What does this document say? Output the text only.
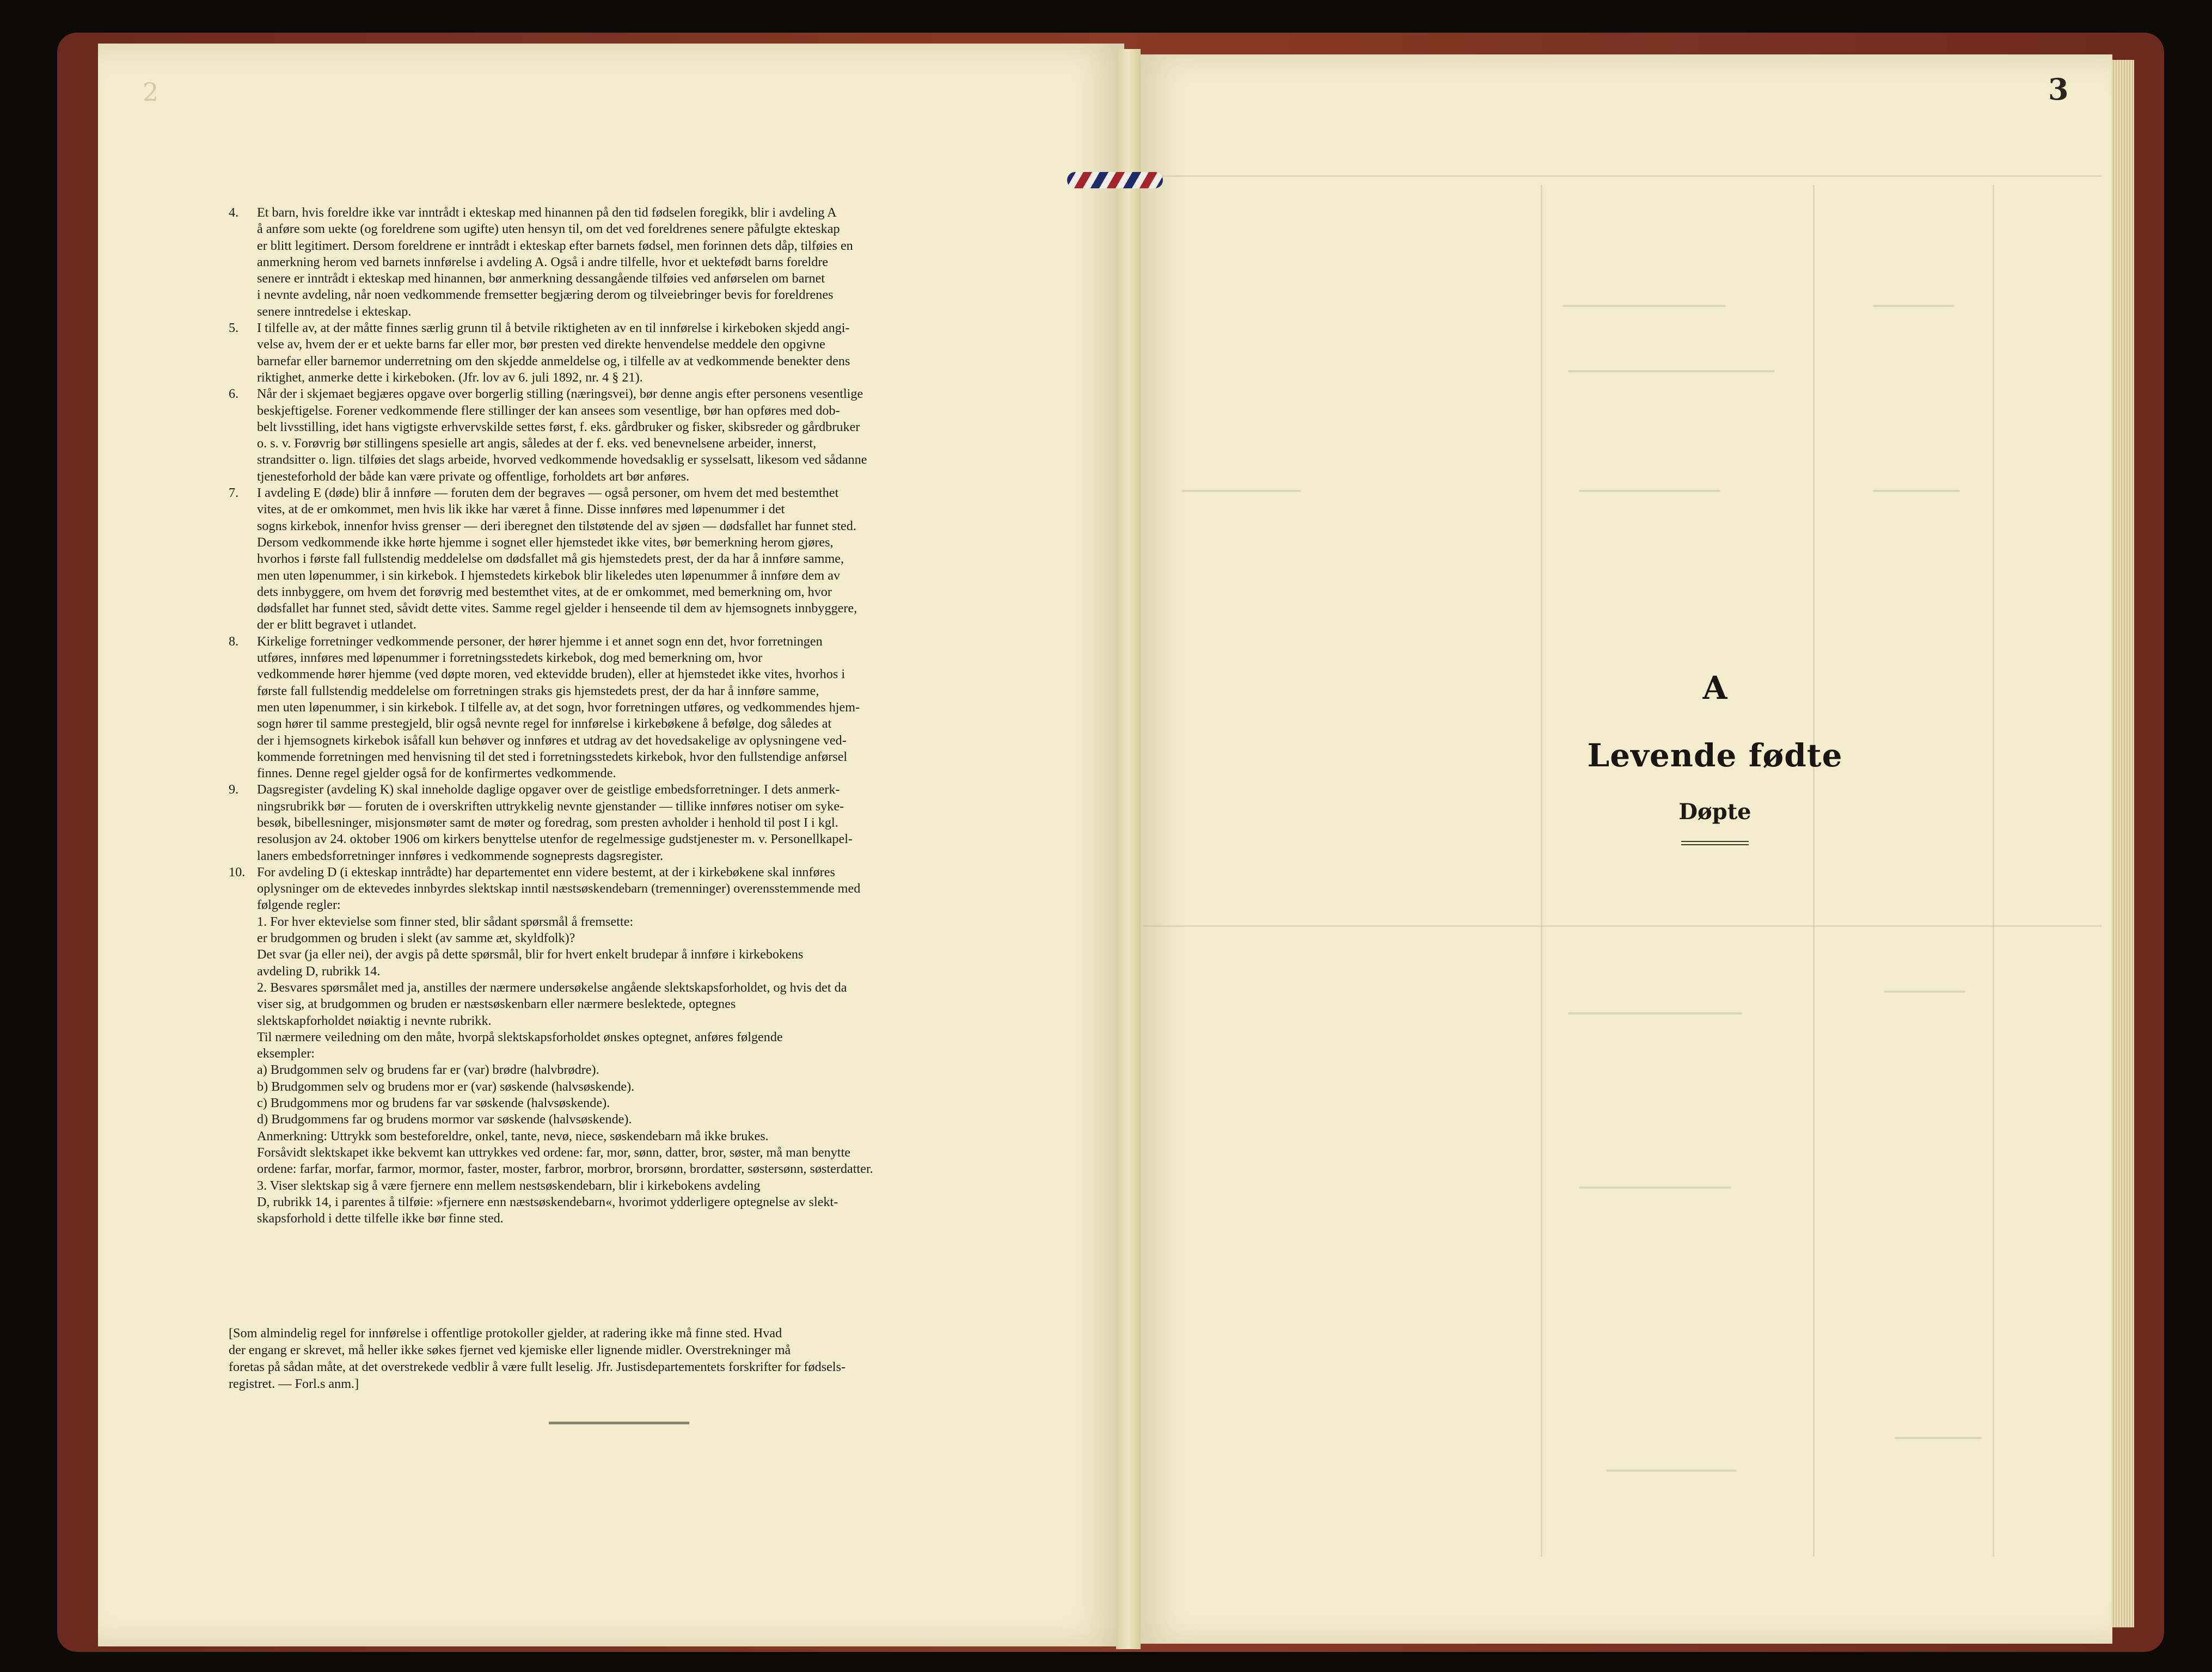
2	3
4. Et barn, hvis foreldre ikke var inntrådt i ekteskap med hinannen på den tid fødselen foregikk, blir i avdeling A
å anføre som uekte (og foreldrene som ugifte) uten hensyn til, om det ved foreldrenes senere påfulgte ekteskap
er blitt legitimert. Dersom foreldrene er inntrådt i ekteskap efter barnets fødsel, men forinnen dets dåp, tilføies en
anmerkning herom ved barnets innførelse i avdeling A. Også i andre tilfelle, hvor et uektefødt barns foreldre
senere er inntrådt i ekteskap med hinannen, bør anmerkning dessangående tilføies ved anførselen om barnet
i nevnte avdeling, når noen vedkommende fremsetter begjæring derom og tilveiebringer bevis for foreldrenes
senere inntredelse i ekteskap.
5. I tilfelle av, at der måtte finnes særlig grunn til å betvile riktigheten av en til innførelse i kirkeboken skjedd angi-
velse av, hvem der er et uekte barns far eller mor, bør presten ved direkte henvendelse meddele den opgivne
barnefar eller barnemor underretning om den skjedde anmeldelse og, i tilfelle av at vedkommende benekter dens
riktighet, anmerke dette i kirkeboken. (Jfr. lov av 6. juli 1892, nr. 4 § 21).
6. Når der i skjemaet begjæres opgave over borgerlig stilling (næringsvei), bør denne angis efter personens vesentlige
beskjeftigelse. Forener vedkommende flere stillinger der kan ansees som vesentlige, bør han opføres med dob-
belt livsstilling, idet hans vigtigste erhvervskilde settes først, f. eks. gårdbruker og fisker, skibsreder og gårdbruker
o. s. v. Forøvrig bør stillingens spesielle art angis, således at der f. eks. ved benevnelsene arbeider, innerst,
strandsitter o. lign. tilføies det slags arbeide, hvorved vedkommende hovedsaklig er sysselsatt, likesom ved sådanne
tjenesteforhold der både kan være private og offentlige, forholdets art bør anføres.
7. I avdeling E (døde) blir å innføre — foruten dem der begraves — også personer, om hvem det med bestemthet
vites, at de er omkommet, men hvis lik ikke har været å finne. Disse innføres med løpenummer i det
sogns kirkebok, innenfor hviss grenser — deri iberegnet den tilstøtende del av sjøen — dødsfallet har funnet sted.
Dersom vedkommende ikke hørte hjemme i sognet eller hjemstedet ikke vites, bør bemerkning herom gjøres,
hvorhos i første fall fullstendig meddelelse om dødsfallet må gis hjemstedets prest, der da har å innføre samme,
men uten løpenummer, i sin kirkebok. I hjemstedets kirkebok blir likeledes uten løpenummer å innføre dem av
dets innbyggere, om hvem det forøvrig med bestemthet vites, at de er omkommet, med bemerkning om, hvor
dødsfallet har funnet sted, såvidt dette vites. Samme regel gjelder i henseende til dem av hjemsognets innbyggere,
der er blitt begravet i utlandet.
8. Kirkelige forretninger vedkommende personer, der hører hjemme i et annet sogn enn det, hvor forretningen
utføres, innføres med løpenummer i forretningsstedets kirkebok, dog med bemerkning om, hvor
vedkommende hører hjemme (ved døpte moren, ved ektevidde bruden), eller at hjemstedet ikke vites, hvorhos i
første fall fullstendig meddelelse om forretningen straks gis hjemstedets prest, der da har å innføre samme,
men uten løpenummer, i sin kirkebok. I tilfelle av, at det sogn, hvor forretningen utføres, og vedkommendes hjem-
sogn hører til samme prestegjeld, blir også nevnte regel for innførelse i kirkebøkene å befølge, dog således at
der i hjemsognets kirkebok isåfall kun behøver og innføres et utdrag av det hovedsakelige av oplysningene ved-
kommende forretningen med henvisning til det sted i forretningsstedets kirkebok, hvor den fullstendige anførsel
finnes. Denne regel gjelder også for de konfirmertes vedkommende.
9. Dagsregister (avdeling K) skal inneholde daglige opgaver over de geistlige embedsforretninger. I dets anmerk-
ningsrubrikk bør — foruten de i overskriften uttrykkelig nevnte gjenstander — tillike innføres notiser om syke-
besøk, bibellesninger, misjonsmøter samt de møter og foredrag, som presten avholder i henhold til post I i kgl.
resolusjon av 24. oktober 1906 om kirkers benyttelse utenfor de regelmessige gudstjenester m. v. Personellkapel-
laners embedsforretninger innføres i vedkommende sogneprests dagsregister.
10. For avdeling D (i ekteskap inntrådte) har departementet enn videre bestemt, at der i kirkebøkene skal innføres
oplysninger om de ektevedes innbyrdes slektskap inntil næstsøskendebarn (tremenninger) overensstemmende med
følgende regler:
1. For hver ektevielse som finner sted, blir sådant spørsmål å fremsette:
er brudgommen og bruden i slekt (av samme æt, skyldfolk)?
Det svar (ja eller nei), der avgis på dette spørsmål, blir for hvert enkelt brudepar å innføre i kirkebokens
avdeling D, rubrikk 14.
2. Besvares spørsmålet med ja, anstilles der nærmere undersøkelse angående slektskapsforholdet, og hvis det da
viser sig, at brudgommen og bruden er næstsøskenbarn eller nærmere beslektede, optegnes
slektskapforholdet nøiaktig i nevnte rubrikk.
Til nærmere veiledning om den måte, hvorpå slektskapsforholdet ønskes optegnet, anføres følgende
eksempler:
a) Brudgommen selv og brudens far er (var) brødre (halvbrødre).
b) Brudgommen selv og brudens mor er (var) søskende (halvsøskende).
c) Brudgommens mor og brudens far var søskende (halvsøskende).
d) Brudgommens far og brudens mormor var søskende (halvsøskende).
Anmerkning: Uttrykk som besteforeldre, onkel, tante, nevø, niece, søskendebarn må ikke brukes.
Forsåvidt slektskapet ikke bekvemt kan uttrykkes ved ordene: far, mor, sønn, datter, bror, søster, må man benytte
ordene: farfar, morfar, farmor, mormor, faster, moster, farbror, morbror, brorsønn, brordatter, søstersønn, søsterdatter.
3. Viser slektskap sig å være fjernere enn mellem nestsøskendebarn, blir i kirkebokens avdeling
D, rubrikk 14, i parentes å tilføie: »fjernere enn næstsøskendebarn«, hvorimot ydderligere optegnelse av slekt-
skapsforhold i dette tilfelle ikke bør finne sted.
[Som almindelig regel for innførelse i offentlige protokoller gjelder, at radering ikke må finne sted. Hvad
der engang er skrevet, må heller ikke søkes fjernet ved kjemiske eller lignende midler. Overstrekninger må
foretas på sådan måte, at det overstrekede vedblir å være fullt leselig. Jfr. Justisdepartementets forskrifter for fødsels-
registret. — Forl.s anm.]
A
Levende fødte
Døpte
